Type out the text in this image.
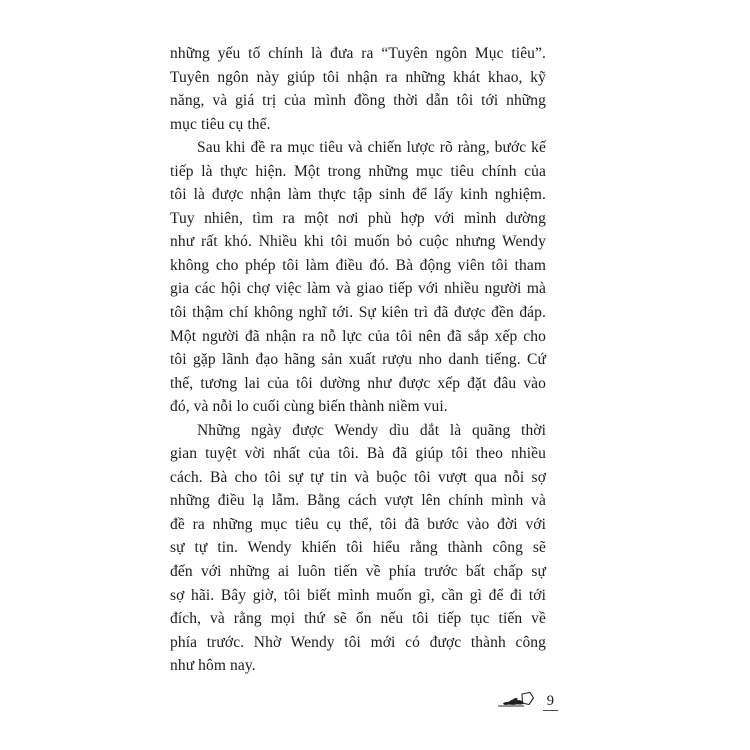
những yếu tố chính là đưa ra “Tuyên ngôn Mục tiêu”.
Tuyên ngôn này giúp tôi nhận ra những khát khao, kỹ
năng, và giá trị của mình đồng thời dẫn tôi tới những
mục tiêu cụ thể.
Sau khi đề ra mục tiêu và chiến lược rõ ràng, bước kế
tiếp là thực hiện. Một trong những mục tiêu chính của
tôi là được nhận làm thực tập sinh để lấy kinh nghiệm.
Tuy nhiên, tìm ra một nơi phù hợp với mình dường
như rất khó. Nhiều khi tôi muốn bỏ cuộc nhưng Wendy
không cho phép tôi làm điều đó. Bà động viên tôi tham
gia các hội chợ việc làm và giao tiếp với nhiều người mà
tôi thậm chí không nghĩ tới. Sự kiên trì đã được đền đáp.
Một người đã nhận ra nỗ lực của tôi nên đã sắp xếp cho
tôi gặp lãnh đạo hãng sản xuất rượu nho danh tiếng. Cứ
thế, tương lai của tôi dường như được xếp đặt đâu vào
đó, và nỗi lo cuối cùng biến thành niềm vui.
Những ngày được Wendy dìu dắt là quãng thời
gian tuyệt vời nhất của tôi. Bà đã giúp tôi theo nhiều
cách. Bà cho tôi sự tự tin và buộc tôi vượt qua nỗi sợ
những điều lạ lẫm. Bằng cách vượt lên chính mình và
đề ra những mục tiêu cụ thể, tôi đã bước vào đời với
sự tự tin. Wendy khiến tôi hiểu rằng thành công sẽ
đến với những ai luôn tiến về phía trước bất chấp sự
sợ hãi. Bây giờ, tôi biết mình muốn gì, cần gì để đi tới
đích, và rằng mọi thứ sẽ ổn nếu tôi tiếp tục tiến về
phía trước. Nhờ Wendy tôi mới có được thành công
như hôm nay.
9
